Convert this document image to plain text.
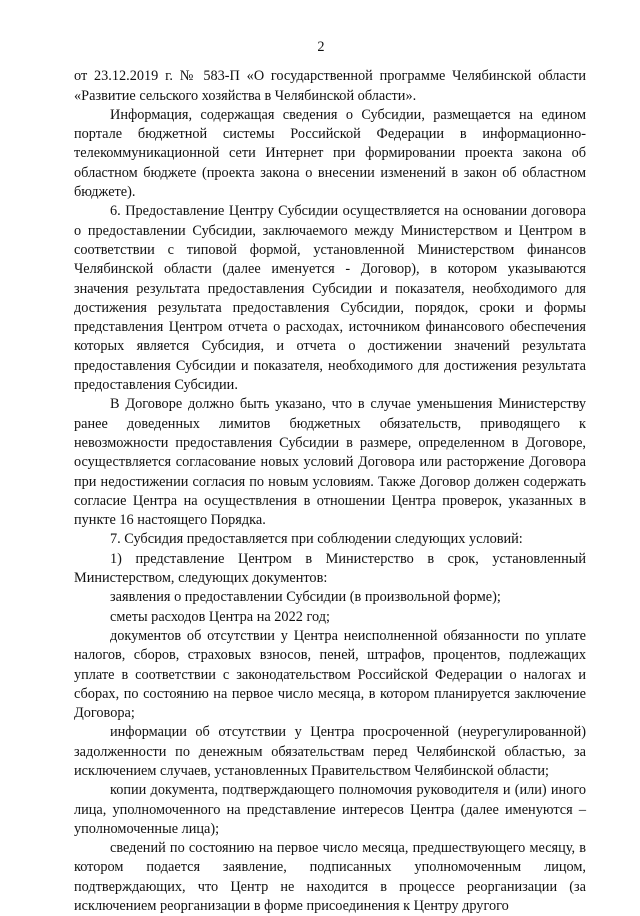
2

от 23.12.2019 г. № 583-П «О государственной программе Челябинской области «Развитие сельского хозяйства в Челябинской области».

Информация, содержащая сведения о Субсидии, размещается на едином портале бюджетной системы Российской Федерации в информационно-телекоммуникационной сети Интернет при формировании проекта закона об областном бюджете (проекта закона о внесении изменений в закон об областном бюджете).

6. Предоставление Центру Субсидии осуществляется на основании договора о предоставлении Субсидии, заключаемого между Министерством и Центром в соответствии с типовой формой, установленной Министерством финансов Челябинской области (далее именуется - Договор), в котором указываются значения результата предоставления Субсидии и показателя, необходимого для достижения результата предоставления Субсидии, порядок, сроки и формы представления Центром отчета о расходах, источником финансового обеспечения которых является Субсидия, и отчета о достижении значений результата предоставления Субсидии и показателя, необходимого для достижения результата предоставления Субсидии.

В Договоре должно быть указано, что в случае уменьшения Министерству ранее доведенных лимитов бюджетных обязательств, приводящего к невозможности предоставления Субсидии в размере, определенном в Договоре, осуществляется согласование новых условий Договора или расторжение Договора при недостижении согласия по новым условиям. Также Договор должен содержать согласие Центра на осуществления в отношении Центра проверок, указанных в пункте 16 настоящего Порядка.

7. Субсидия предоставляется при соблюдении следующих условий:

1) представление Центром в Министерство в срок, установленный Министерством, следующих документов:

заявления о предоставлении Субсидии (в произвольной форме);

сметы расходов Центра на 2022 год;

документов об отсутствии у Центра неисполненной обязанности по уплате налогов, сборов, страховых взносов, пеней, штрафов, процентов, подлежащих уплате в соответствии с законодательством Российской Федерации о налогах и сборах, по состоянию на первое число месяца, в котором планируется заключение Договора;

информации об отсутствии у Центра просроченной (неурегулированной) задолженности по денежным обязательствам перед Челябинской областью, за исключением случаев, установленных Правительством Челябинской области;

копии документа, подтверждающего полномочия руководителя и (или) иного лица, уполномоченного на представление интересов Центра (далее именуются – уполномоченные лица);

сведений по состоянию на первое число месяца, предшествующего месяцу, в котором подается заявление, подписанных уполномоченным лицом, подтверждающих, что Центр не находится в процессе реорганизации (за исключением реорганизации в форме присоединения к Центру другого
